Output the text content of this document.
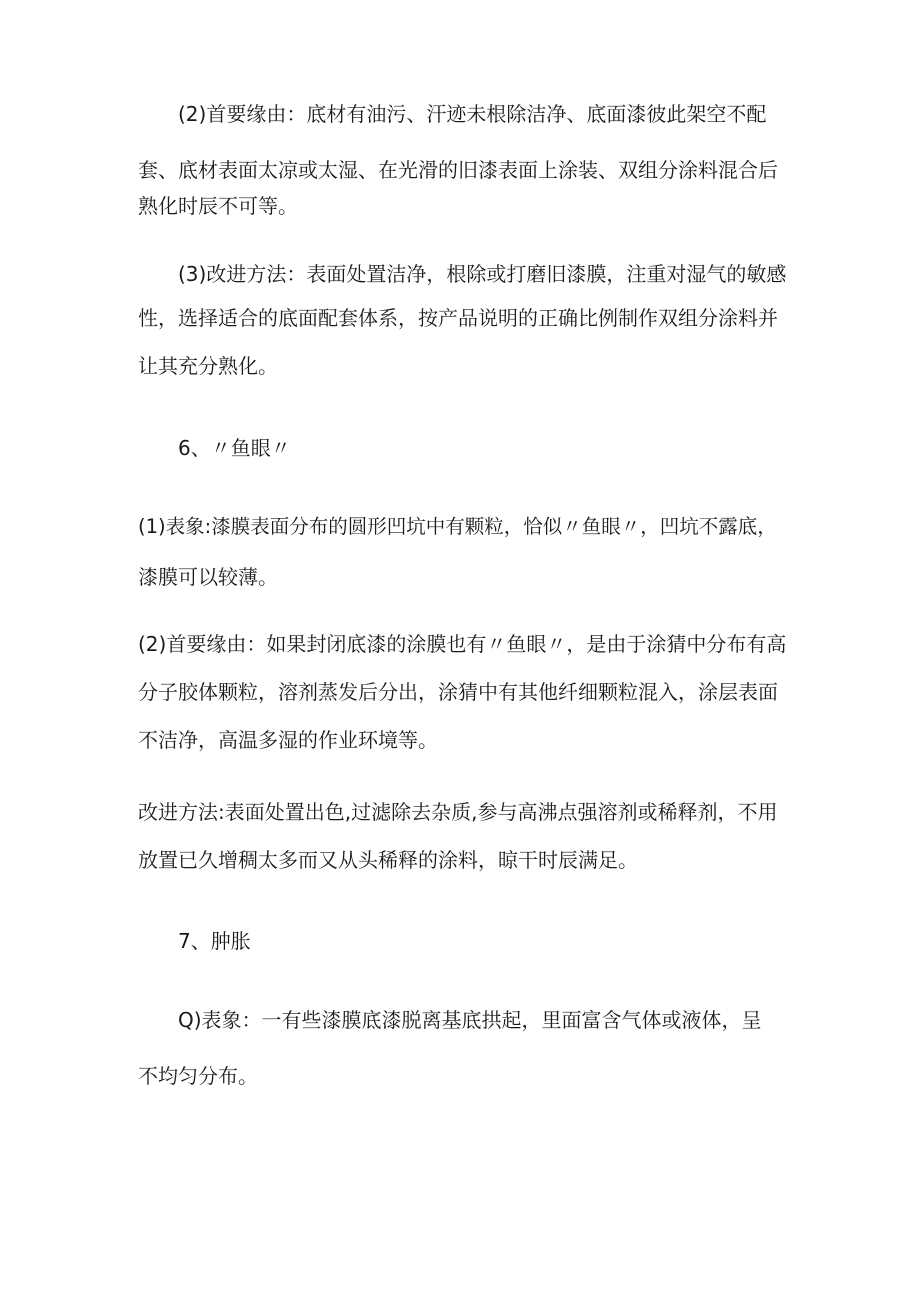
(2)首要缘由：底材有油污、汗迹未根除洁净、底面漆彼此架空不配
套、底材表面太凉或太湿、在光滑的旧漆表面上涂装、双组分涂料混合后
熟化时辰不可等。
(3)改进方法：表面处置洁净，根除或打磨旧漆膜，注重对湿气的敏感
性，选择适合的底面配套体系，按产品说明的正确比例制作双组分涂料并
让其充分熟化。
6、〃鱼眼〃
(1)表象:漆膜表面分布的圆形凹坑中有颗粒，恰似〃鱼眼〃，凹坑不露底，
漆膜可以较薄。
(2)首要缘由：如果封闭底漆的涂膜也有〃鱼眼〃，是由于涂猜中分布有高
分子胶体颗粒，溶剂蒸发后分出，涂猜中有其他纤细颗粒混入，涂层表面
不洁净，高温多湿的作业环境等。
改进方法:表面处置出色,过滤除去杂质,参与高沸点强溶剂或稀释剂，不用
放置已久增稠太多而又从头稀释的涂料，晾干时辰满足。
7、肿胀
Q)表象：一有些漆膜底漆脱离基底拱起，里面富含气体或液体，呈
不均匀分布。
